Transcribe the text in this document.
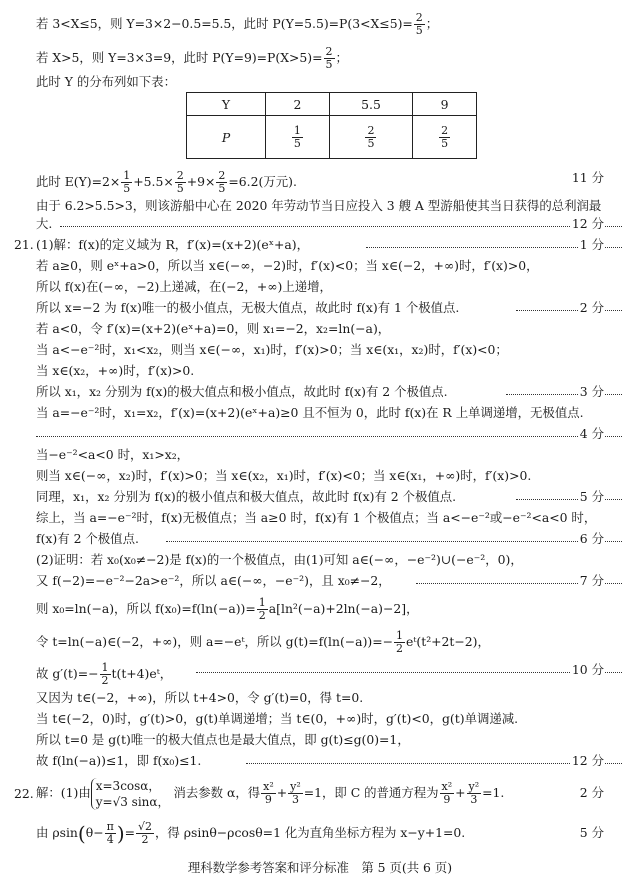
若 3<X≤5，则 Y=3×2−0.5=5.5，此时 $P(Y=5.5)=P(3<X\le 5)= \frac{2}{5}$ ；
若 X>5，则 Y=3×3=9，此时 $P(Y=9)=P(X>5)= \frac{2}{5}$ ；
此时 Y 的分布列如下表：
Y	2	5.5	9
P	$\frac{1}{5}$	$\frac{2}{5}$	$\frac{2}{5}$
此时 $E(Y)=2\times \frac{1}{5} +5.5\times \frac{2}{5} +9\times \frac{2}{5} =6.2$(万元).	11 分
由于 6.2>5.5>3，则该游船中心在 2020 年劳动节当日应投入 3 艘 A 型游船使其当日获得的总利润最
大.	12 分
21. (1)解：f(x)的定义域为 R，f′(x)=(x+2)(eˣ+a)，	1 分
若 a≥0，则 eˣ+a>0，所以当 x∈(−∞，−2)时，f′(x)<0；当 x∈(−2，+∞)时，f′(x)>0，
所以 f(x)在(−∞，−2)上递减，在(−2，+∞)上递增，
所以 x=−2 为 f(x)唯一的极小值点，无极大值点，故此时 f(x)有 1 个极值点.	2 分
若 a<0，令 f′(x)=(x+2)(eˣ+a)=0，则 x₁=−2，x₂=ln(−a)，
当 a<−e⁻²时，x₁<x₂，则当 x∈(−∞，x₁)时，f′(x)>0；当 x∈(x₁，x₂)时，f′(x)<0；
当 x∈(x₂，+∞)时，f′(x)>0.
所以 x₁，x₂ 分别为 f(x)的极大值点和极小值点，故此时 f(x)有 2 个极值点.	3 分
当 a=−e⁻²时，x₁=x₂，f′(x)=(x+2)(eˣ+a)≥0 且不恒为 0，此时 f(x)在 R 上单调递增，无极值点.
4 分
当−e⁻²<a<0 时，x₁>x₂，
则当 x∈(−∞，x₂)时，f′(x)>0；当 x∈(x₂，x₁)时，f′(x)<0；当 x∈(x₁，+∞)时，f′(x)>0.
同理，x₁，x₂ 分别为 f(x)的极小值点和极大值点，故此时 f(x)有 2 个极值点.	5 分
综上，当 a=−e⁻²时，f(x)无极值点；当 a≥0 时，f(x)有 1 个极值点；当 a<−e⁻²或−e⁻²<a<0 时，
f(x)有 2 个极值点.	6 分
(2)证明：若 x₀(x₀≠−2)是 f(x)的一个极值点，由(1)可知 a∈(−∞，−e⁻²)∪(−e⁻²，0)，
又 f(−2)=−e⁻²−2a>e⁻²，所以 a∈(−∞，−e⁻²)，且 x₀≠−2，	7 分
则 x₀=ln(−a)，所以 $f(x_0)=f(\ln(-a))= \frac{1}{2} a[\ln^2(-a)+2\ln(-a)-2]$，
令 t=ln(−a)∈(−2，+∞)，则 a=−eᵗ，所以 $g(t)=f(\ln(-a))=- \frac{1}{2}$ eᵗ(t²+2t−2)，
故 $g'(t)=- \frac{1}{2}$ t(t+4)eᵗ，	10 分
又因为 t∈(−2，+∞)，所以 t+4>0，令 g′(t)=0，得 t=0.
当 t∈(−2，0)时，g′(t)>0，g(t)单调递增；当 t∈(0，+∞)时，g′(t)<0，g(t)单调递减.
所以 t=0 是 g(t)唯一的极大值点也是最大值点，即 g(t)≤g(0)=1，
故 f(ln(−a))≤1，即 f(x₀)≤1.	12 分
22. 解：(1)由 x=3cosα，
y=√3 sinα，
消去参数 α，得 $\frac{\text{x²}}{9} + \frac{\text{y²}}{3} =1$，即 C 的普通方程为 $\frac{\text{x²}}{9} + \frac{\text{y²}}{3} =1$.	2 分
由 $\rho\sin(\theta- \frac{\pi}{4}$ )= $\frac{√2}{2}$ ，得 ρsinθ−ρcosθ=1 化为直角坐标方程为 x−y+1=0.	5 分
理科数学参考答案和评分标准　第 5 页(共 6 页)
